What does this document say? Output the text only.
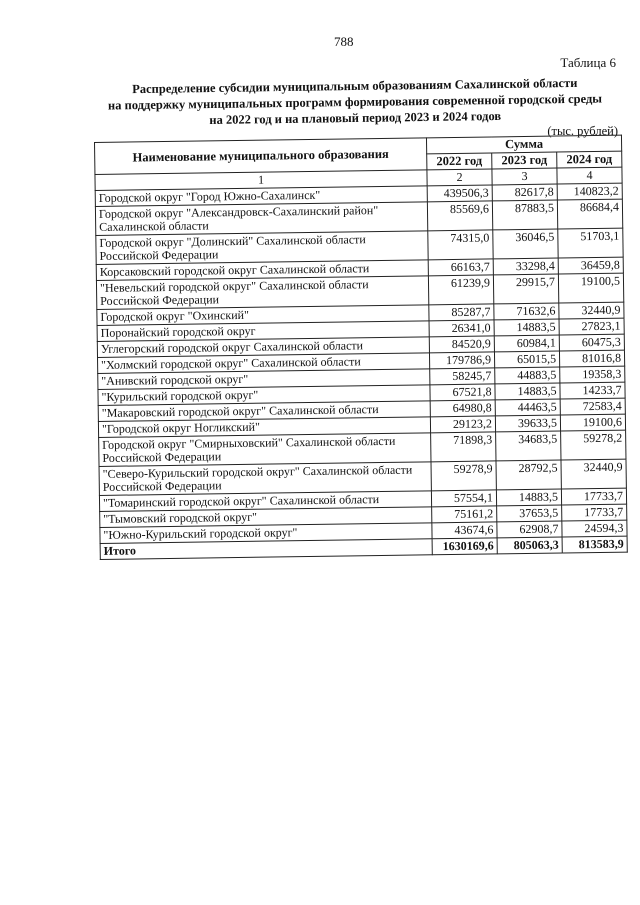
788
Таблица 6
Распределение субсидии муниципальным образованиям Сахалинской области
на поддержку муниципальных программ формирования современной городской среды
на 2022 год и на плановый период 2023 и 2024 годов
(тыс. рублей)
Наименование муниципального образования	Сумма		
	2022 год	2023 год	2024 год
1	2	3	4
Городской округ "Город Южно-Сахалинск"	439506,3	82617,8	140823,2
Городской округ "Александровск-Сахалинский район" Сахалинской области	85569,6	87883,5	86684,4
Городской округ "Долинский" Сахалинской области Российской Федерации	74315,0	36046,5	51703,1
Корсаковский городской округ Сахалинской области	66163,7	33298,4	36459,8
"Невельский городской округ" Сахалинской области Российской Федерации	61239,9	29915,7	19100,5
Городской округ "Охинский"	85287,7	71632,6	32440,9
Поронайский городской округ	26341,0	14883,5	27823,1
Углегорский городской округ Сахалинской области	84520,9	60984,1	60475,3
"Холмский городской округ" Сахалинской области	179786,9	65015,5	81016,8
"Анивский городской округ"	58245,7	44883,5	19358,3
"Курильский городской округ"	67521,8	14883,5	14233,7
"Макаровский городской округ" Сахалинской области	64980,8	44463,5	72583,4
"Городской округ Ногликский"	29123,2	39633,5	19100,6
Городской округ "Смирныховский" Сахалинской области Российской Федерации	71898,3	34683,5	59278,2
"Северо-Курильский городской округ" Сахалинской области Российской Федерации	59278,9	28792,5	32440,9
"Томаринский городской округ" Сахалинской области	57554,1	14883,5	17733,7
"Тымовский городской округ"	75161,2	37653,5	17733,7
"Южно-Курильский городской округ"	43674,6	62908,7	24594,3
Итого	1630169,6	805063,3	813583,9
